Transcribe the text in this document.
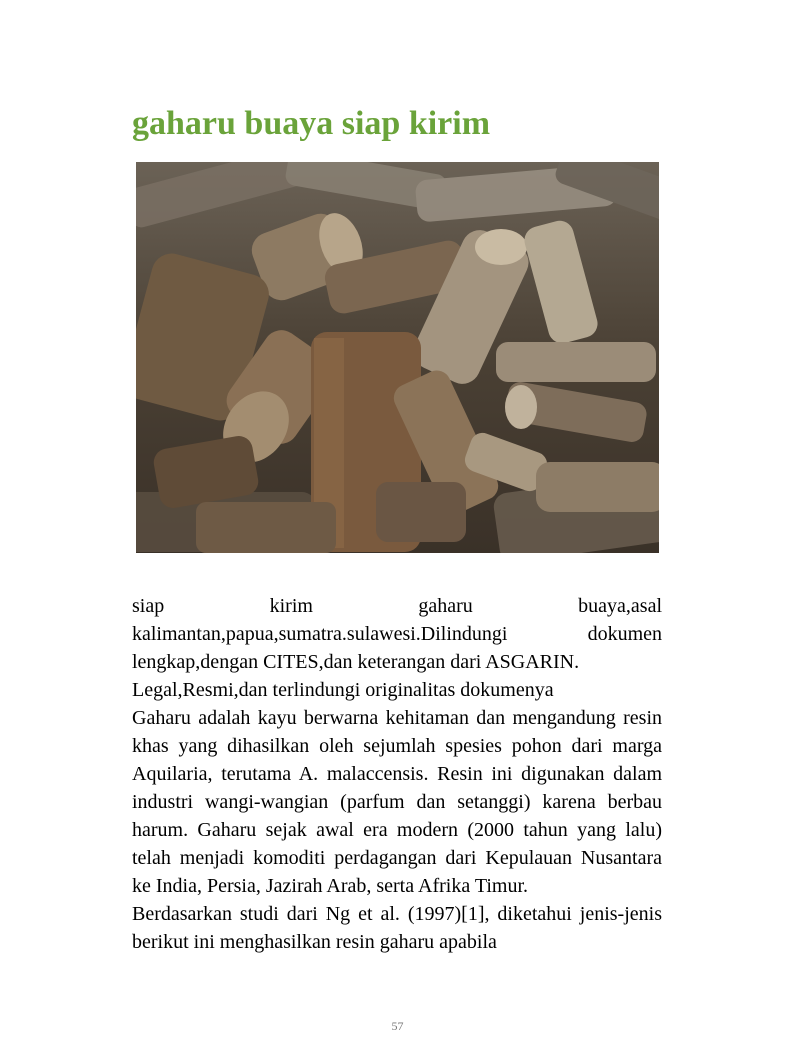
gaharu buaya siap kirim

siap kirim gaharu buaya,asal kalimantan,papua,sumatra.sulawesi.Dilindungi dokumen lengkap,dengan CITES,dan keterangan dari ASGARIN.

Legal,Resmi,dan terlindungi originalitas dokumenya

Gaharu adalah kayu berwarna kehitaman dan mengandung resin khas yang dihasilkan oleh sejumlah spesies pohon dari marga Aquilaria, terutama A. malaccensis. Resin ini digunakan dalam industri wangi-wangian (parfum dan setanggi) karena berbau harum. Gaharu sejak awal era modern (2000 tahun yang lalu) telah menjadi komoditi perdagangan dari Kepulauan Nusantara ke India, Persia, Jazirah Arab, serta Afrika Timur.

Berdasarkan studi dari Ng et al. (1997)[1], diketahui jenis-jenis berikut ini menghasilkan resin gaharu apabila

57
